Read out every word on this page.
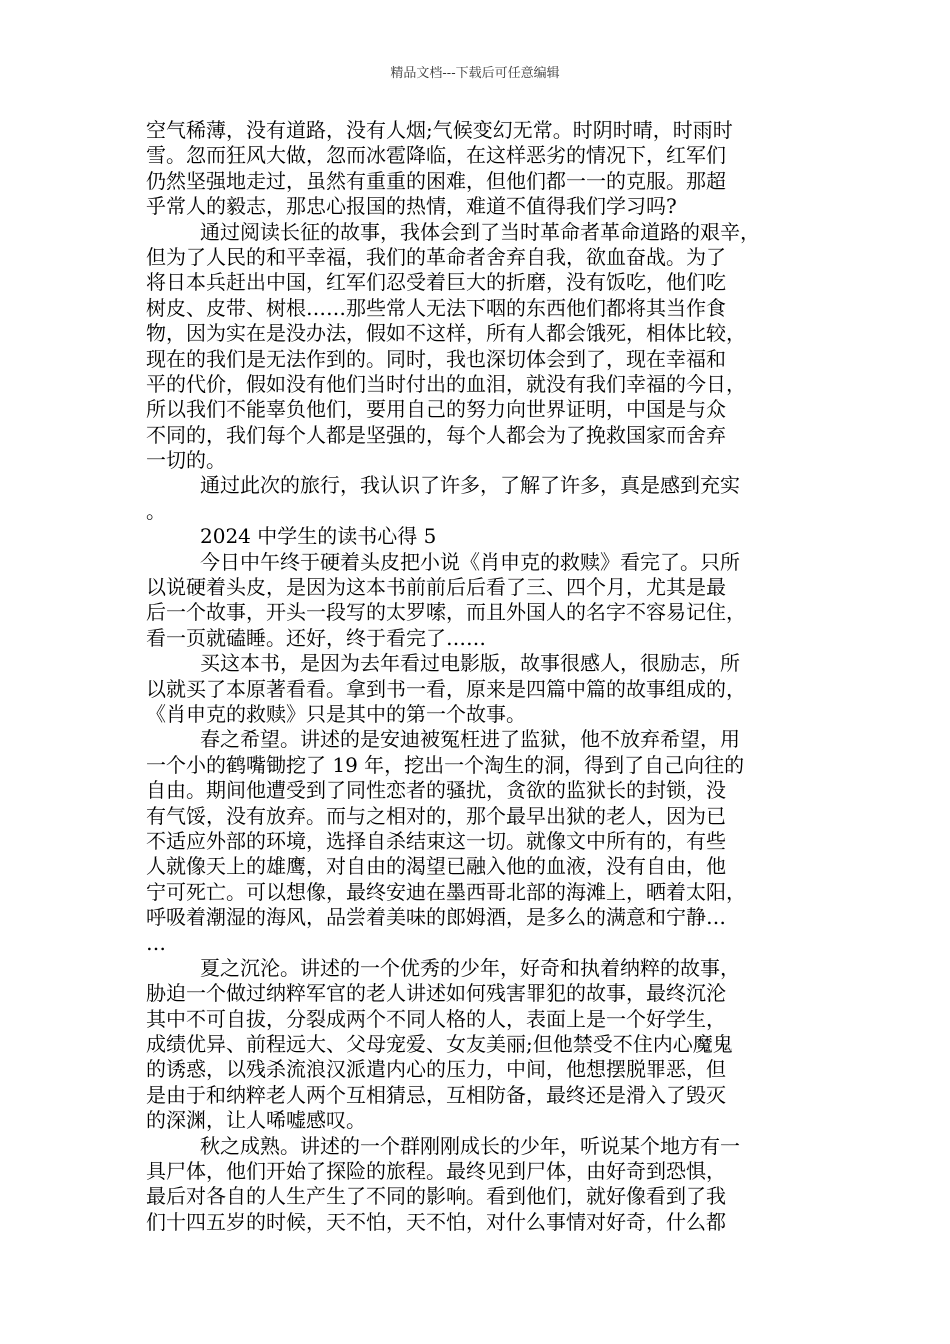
精品文档---下载后可任意编辑
空气稀薄，没有道路，没有人烟;气候变幻无常。时阴时晴，时雨时
雪。忽而狂风大做，忽而冰雹降临，在这样恶劣的情况下，红军们
仍然坚强地走过，虽然有重重的困难，但他们都一一的克服。那超
乎常人的毅志，那忠心报国的热情，难道不值得我们学习吗?
通过阅读长征的故事，我体会到了当时革命者革命道路的艰辛，
但为了人民的和平幸福，我们的革命者舍弃自我，欲血奋战。为了
将日本兵赶出中国，红军们忍受着巨大的折磨，没有饭吃，他们吃
树皮、皮带、树根……那些常人无法下咽的东西他们都将其当作食
物，因为实在是没办法，假如不这样，所有人都会饿死，相体比较，
现在的我们是无法作到的。同时，我也深切体会到了，现在幸福和
平的代价，假如没有他们当时付出的血泪，就没有我们幸福的今日，
所以我们不能辜负他们，要用自己的努力向世界证明，中国是与众
不同的，我们每个人都是坚强的，每个人都会为了挽救国家而舍弃
一切的。
通过此次的旅行，我认识了许多，了解了许多，真是感到充实
。
2024 中学生的读书心得 5
今日中午终于硬着头皮把小说《肖申克的救赎》看完了。只所
以说硬着头皮，是因为这本书前前后后看了三、四个月，尤其是最
后一个故事，开头一段写的太罗嗦，而且外国人的名字不容易记住，
看一页就磕睡。还好，终于看完了……
买这本书，是因为去年看过电影版，故事很感人，很励志，所
以就买了本原著看看。拿到书一看，原来是四篇中篇的故事组成的，
《肖申克的救赎》只是其中的第一个故事。
春之希望。讲述的是安迪被冤枉进了监狱，他不放弃希望，用
一个小的鹤嘴锄挖了 19 年，挖出一个淘生的洞，得到了自己向往的
自由。期间他遭受到了同性恋者的骚扰，贪欲的监狱长的封锁，没
有气馁，没有放弃。而与之相对的，那个最早出狱的老人，因为已
不适应外部的环境，选择自杀结束这一切。就像文中所有的，有些
人就像天上的雄鹰，对自由的渴望已融入他的血液，没有自由，他
宁可死亡。可以想像，最终安迪在墨西哥北部的海滩上，晒着太阳，
呼吸着潮湿的海风，品尝着美味的郎姆酒，是多么的满意和宁静…
…
夏之沉沦。讲述的一个优秀的少年，好奇和执着纳粹的故事，
胁迫一个做过纳粹军官的老人讲述如何残害罪犯的故事，最终沉沦
其中不可自拔，分裂成两个不同人格的人，表面上是一个好学生，
成绩优异、前程远大、父母宠爱、女友美丽;但他禁受不住内心魔鬼
的诱惑，以残杀流浪汉派遣内心的压力，中间，他想摆脱罪恶，但
是由于和纳粹老人两个互相猜忌，互相防备，最终还是滑入了毁灭
的深渊，让人唏嘘感叹。
秋之成熟。讲述的一个群刚刚成长的少年，听说某个地方有一
具尸体，他们开始了探险的旅程。最终见到尸体，由好奇到恐惧，
最后对各自的人生产生了不同的影响。看到他们，就好像看到了我
们十四五岁的时候，天不怕，天不怕，对什么事情对好奇，什么都
